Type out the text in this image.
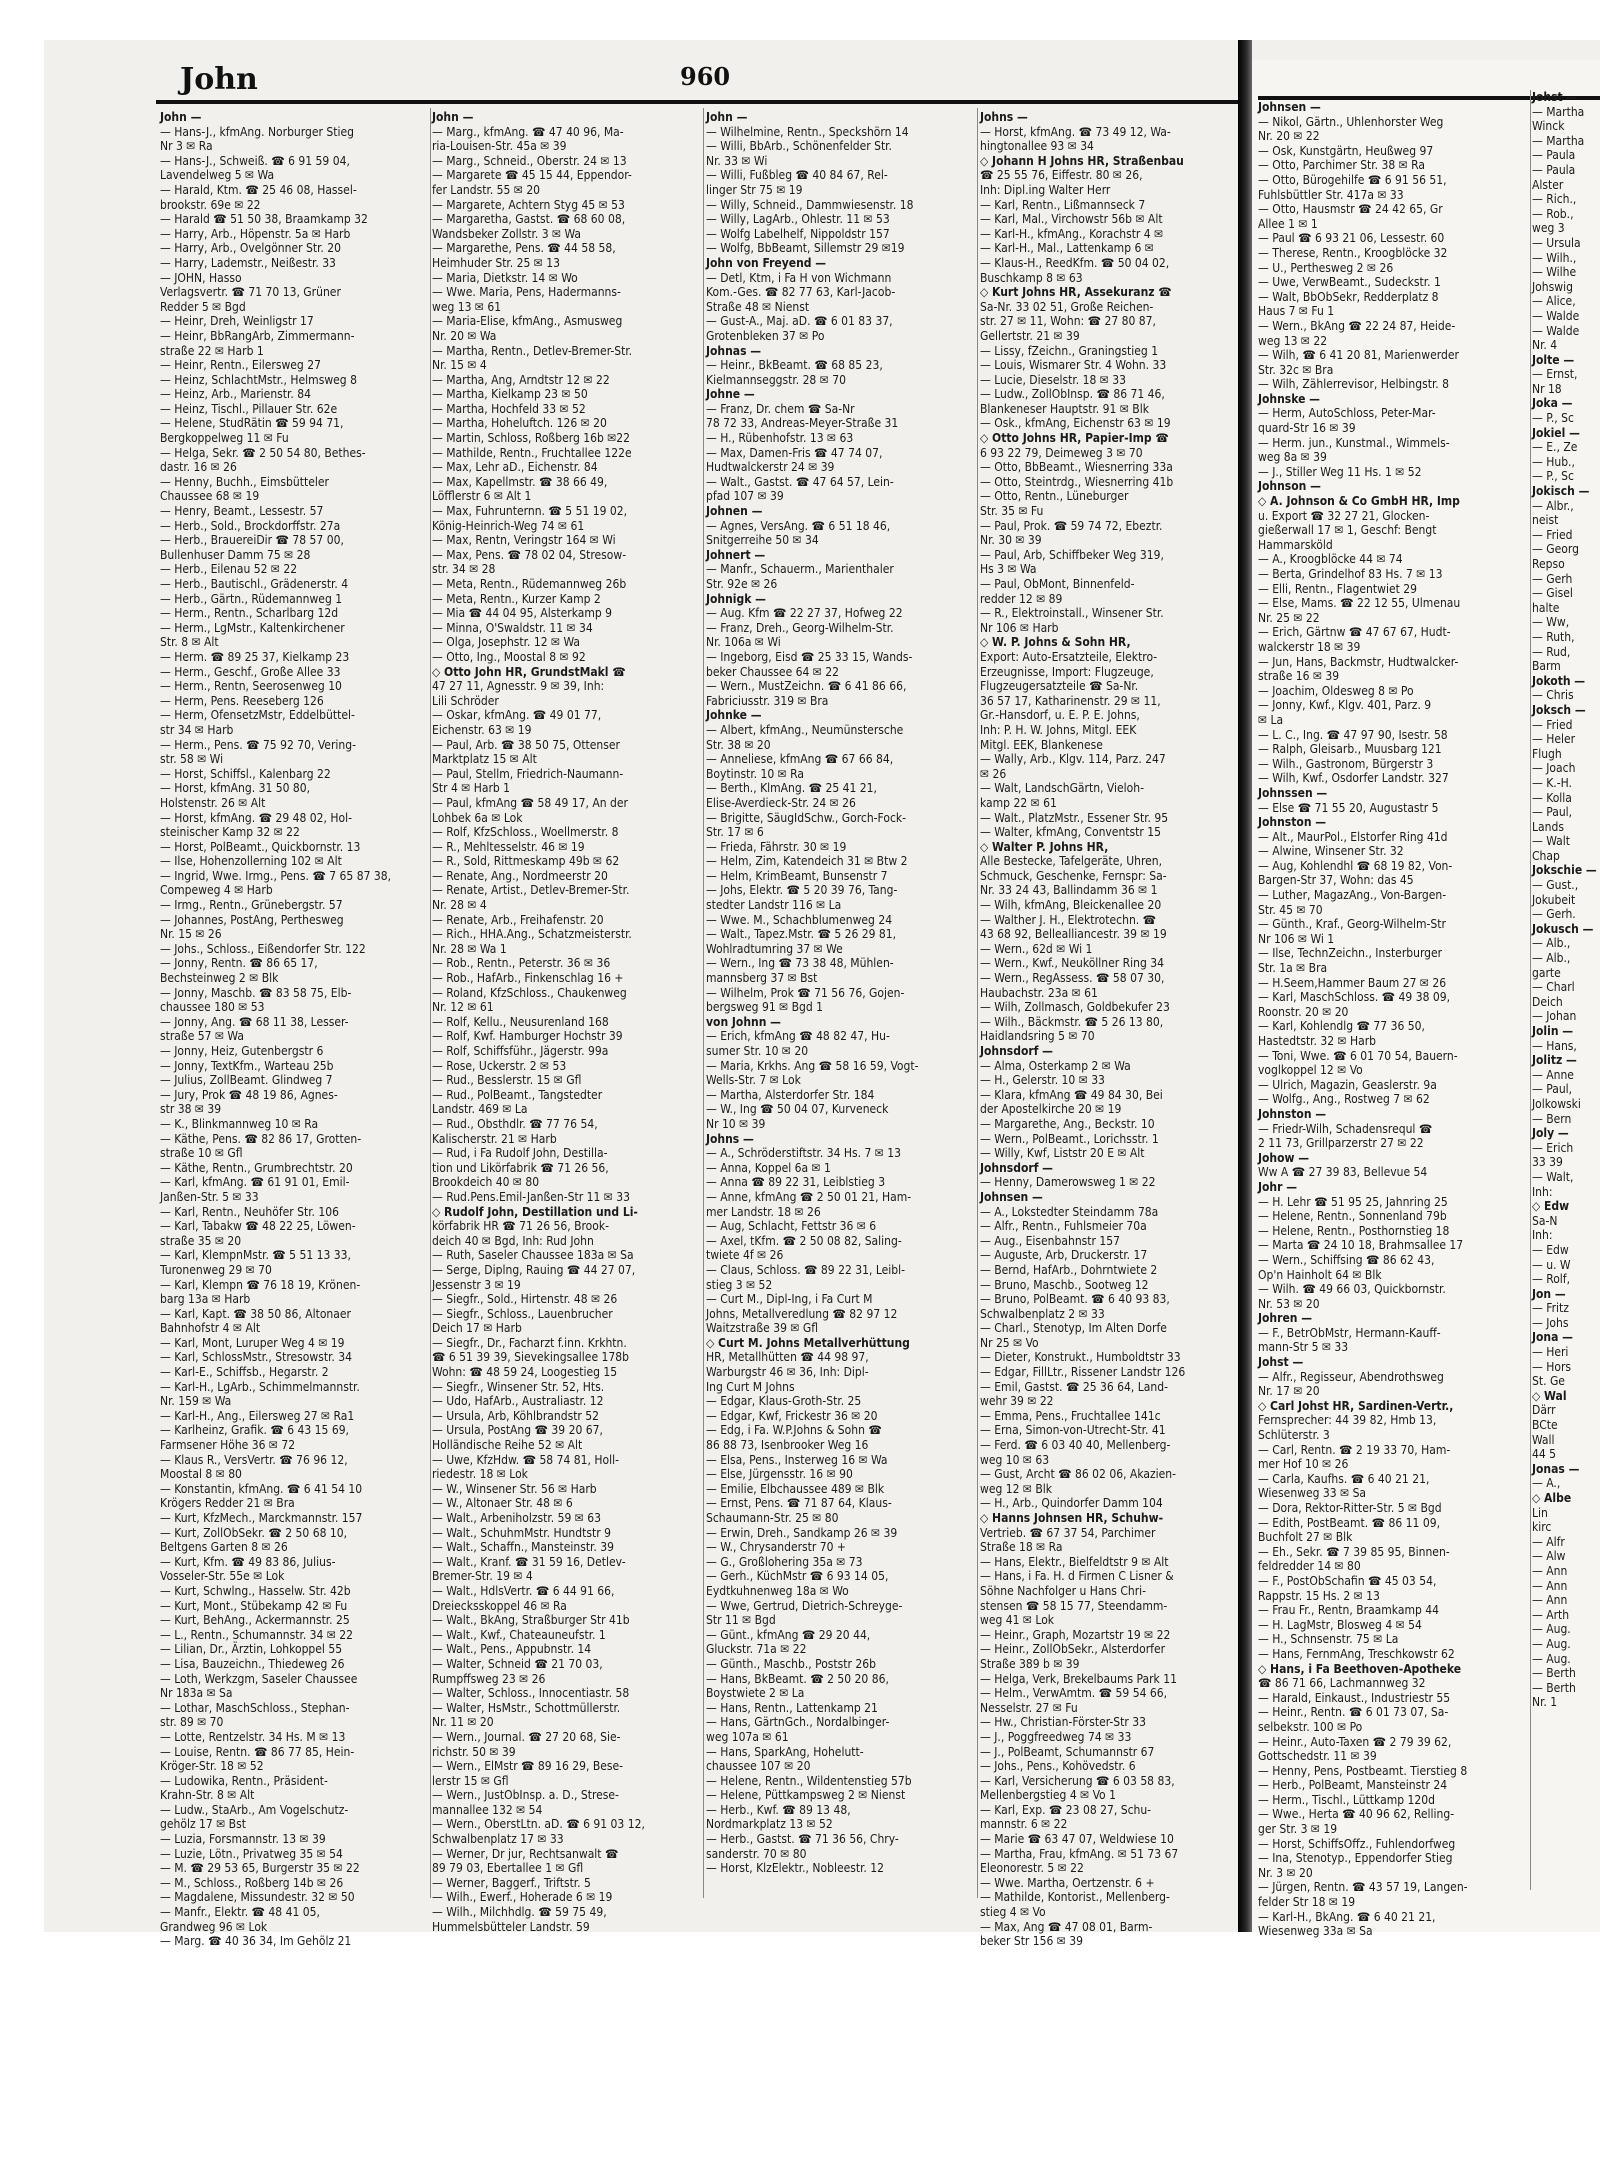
John	960
John —
— Hans-J., kfmAng. Norburger Stieg
Nr 3 ✉ Ra
— Hans-J., Schweiß. ☎ 6 91 59 04,
Lavendelweg 5 ✉ Wa
— Harald, Ktm. ☎ 25 46 08, Hassel-
brookstr. 69e ✉ 22
— Harald ☎ 51 50 38, Braamkamp 32
— Harry, Arb., Höpenstr. 5a ✉ Harb
— Harry, Arb., Ovelgönner Str. 20
— Harry, Lademstr., Neißestr. 33
— JOHN, Hasso
Verlagsvertr. ☎ 71 70 13, Grüner
Redder 5 ✉ Bgd
— Heinr, Dreh, Weinligstr 17
— Heinr, BbRangArb, Zimmermann-
straße 22 ✉ Harb 1
— Heinr, Rentn., Eilersweg 27
— Heinz, SchlachtMstr., Helmsweg 8
— Heinz, Arb., Marienstr. 84
— Heinz, Tischl., Pillauer Str. 62e
— Helene, StudRätin ☎ 59 94 71,
Bergkoppelweg 11 ✉ Fu
— Helga, Sekr. ☎ 2 50 54 80, Bethes-
dastr. 16 ✉ 26
— Henny, Buchh., Eimsbütteler
Chaussee 68 ✉ 19
— Henry, Beamt., Lessestr. 57
— Herb., Sold., Brockdorffstr. 27a
— Herb., BrauereiDir ☎ 78 57 00,
Bullenhuser Damm 75 ✉ 28
— Herb., Eilenau 52 ✉ 22
— Herb., Bautischl., Grädenerstr. 4
— Herb., Gärtn., Rüdemannweg 1
— Herm., Rentn., Scharlbarg 12d
— Herm., LgMstr., Kaltenkirchener
Str. 8 ✉ Alt
— Herm. ☎ 89 25 37, Kielkamp 23
— Herm., Geschf., Große Allee 33
— Herm., Rentn, Seerosenweg 10
— Herm, Pens. Reeseberg 126
— Herm, OfensetzMstr, Eddelbüttel-
str 34 ✉ Harb
— Herm., Pens. ☎ 75 92 70, Vering-
str. 58 ✉ Wi
— Horst, Schiffsl., Kalenbarg 22
— Horst, kfmAng. 31 50 80,
Holstenstr. 26 ✉ Alt
— Horst, kfmAng. ☎ 29 48 02, Hol-
steinischer Kamp 32 ✉ 22
— Horst, PolBeamt., Quickbornstr. 13
— Ilse, Hohenzollerning 102 ✉ Alt
— Ingrid, Wwe. Irmg., Pens. ☎ 7 65 87 38,
Compeweg 4 ✉ Harb
— Irmg., Rentn., Grünebergstr. 57
— Johannes, PostAng, Perthesweg
Nr. 15 ✉ 26
— Johs., Schloss., Eißendorfer Str. 122
— Jonny, Rentn. ☎ 86 65 17,
Bechsteinweg 2 ✉ Blk
— Jonny, Maschb. ☎ 83 58 75, Elb-
chaussee 180 ✉ 53
— Jonny, Ang. ☎ 68 11 38, Lesser-
straße 57 ✉ Wa
— Jonny, Heiz, Gutenbergstr 6
— Jonny, TextKfm., Warteau 25b
— Julius, ZollBeamt. Glindweg 7
— Jury, Prok ☎ 48 19 86, Agnes-
str 38 ✉ 39
— K., Blinkmannweg 10 ✉ Ra
— Käthe, Pens. ☎ 82 86 17, Grotten-
straße 10 ✉ Gfl
— Käthe, Rentn., Grumbrechtstr. 20
— Karl, kfmAng. ☎ 61 91 01, Emil-
Janßen-Str. 5 ✉ 33
— Karl, Rentn., Neuhöfer Str. 106
— Karl, Tabakw ☎ 48 22 25, Löwen-
straße 35 ✉ 20
— Karl, KlempnMstr. ☎ 5 51 13 33,
Turonenweg 29 ✉ 70
— Karl, Klempn ☎ 76 18 19, Krönen-
barg 13a ✉ Harb
— Karl, Kapt. ☎ 38 50 86, Altonaer
Bahnhofstr 4 ✉ Alt
— Karl, Mont, Luruper Weg 4 ✉ 19
— Karl, SchlossMstr., Stresowstr. 34
— Karl-E., Schiffsb., Hegarstr. 2
— Karl-H., LgArb., Schimmelmannstr.
Nr. 159 ✉ Wa
— Karl-H., Ang., Eilersweg 27 ✉ Ra1
— Karlheinz, Grafik. ☎ 6 43 15 69,
Farmsener Höhe 36 ✉ 72
— Klaus R., VersVertr. ☎ 76 96 12,
Moostal 8 ✉ 80
— Konstantin, kfmAng. ☎ 6 41 54 10
Krögers Redder 21 ✉ Bra
— Kurt, KfzMech., Marckmannstr. 157
— Kurt, ZollObSekr. ☎ 2 50 68 10,
Beltgens Garten 8 ✉ 26
— Kurt, Kfm. ☎ 49 83 86, Julius-
Vosseler-Str. 55e ✉ Lok
— Kurt, Schwlng., Hasselw. Str. 42b
— Kurt, Mont., Stübekamp 42 ✉ Fu
— Kurt, BehAng., Ackermannstr. 25
— L., Rentn., Schumannstr. 34 ✉ 22
— Lilian, Dr., Ärztin, Lohkoppel 55
— Lisa, Bauzeichn., Thiedeweg 26
— Loth, Werkzgm, Saseler Chaussee
Nr 183a ✉ Sa
— Lothar, MaschSchloss., Stephan-
str. 89 ✉ 70
— Lotte, Rentzelstr. 34 Hs. M ✉ 13
— Louise, Rentn. ☎ 86 77 85, Hein-
Kröger-Str. 18 ✉ 52
— Ludowika, Rentn., Präsident-
Krahn-Str. 8 ✉ Alt
— Ludw., StaArb., Am Vogelschutz-
gehölz 17 ✉ Bst
— Luzia, Forsmannstr. 13 ✉ 39
— Luzie, Lötn., Privatweg 35 ✉ 54
— M. ☎ 29 53 65, Burgerstr 35 ✉ 22
— M., Schloss., Roßberg 14b ✉ 26
— Magdalene, Missundestr. 32 ✉ 50
— Manfr., Elektr. ☎ 48 41 05,
Grandweg 96 ✉ Lok
— Marg. ☎ 40 36 34, Im Gehölz 21
John —
— Marg., kfmAng. ☎ 47 40 96, Ma-
ria-Louisen-Str. 45a ✉ 39
— Marg., Schneid., Oberstr. 24 ✉ 13
— Margarete ☎ 45 15 44, Eppendor-
fer Landstr. 55 ✉ 20
— Margarete, Achtern Styg 45 ✉ 53
— Margaretha, Gastst. ☎ 68 60 08,
Wandsbeker Zollstr. 3 ✉ Wa
— Margarethe, Pens. ☎ 44 58 58,
Heimhuder Str. 25 ✉ 13
— Maria, Dietkstr. 14 ✉ Wo
— Wwe. Maria, Pens, Hadermanns-
weg 13 ✉ 61
— Maria-Elise, kfmAng., Asmusweg
Nr. 20 ✉ Wa
— Martha, Rentn., Detlev-Bremer-Str.
Nr. 15 ✉ 4
— Martha, Ang, Arndtstr 12 ✉ 22
— Martha, Kielkamp 23 ✉ 50
— Martha, Hochfeld 33 ✉ 52
— Martha, Hoheluftch. 126 ✉ 20
— Martin, Schloss, Roßberg 16b ✉22
— Mathilde, Rentn., Fruchtallee 122e
— Max, Lehr aD., Eichenstr. 84
— Max, Kapellmstr. ☎ 38 66 49,
Löfflerstr 6 ✉ Alt 1
— Max, Fuhrunternn. ☎ 5 51 19 02,
König-Heinrich-Weg 74 ✉ 61
— Max, Rentn, Veringstr 164 ✉ Wi
— Max, Pens. ☎ 78 02 04, Stresow-
str. 34 ✉ 28
— Meta, Rentn., Rüdemannweg 26b
— Meta, Rentn., Kurzer Kamp 2
— Mia ☎ 44 04 95, Alsterkamp 9
— Minna, O'Swaldstr. 11 ✉ 34
— Olga, Josephstr. 12 ✉ Wa
— Otto, Ing., Moostal 8 ✉ 92
◇ Otto John HR, GrundstMakl ☎
47 27 11, Agnesstr. 9 ✉ 39, Inh:
Lili Schröder
— Oskar, kfmAng. ☎ 49 01 77,
Eichenstr. 63 ✉ 19
— Paul, Arb. ☎ 38 50 75, Ottenser
Marktplatz 15 ✉ Alt
— Paul, Stellm, Friedrich-Naumann-
Str 4 ✉ Harb 1
— Paul, kfmAng ☎ 58 49 17, An der
Lohbek 6a ✉ Lok
— Rolf, KfzSchloss., Woellmerstr. 8
— R., Mehltesselstr. 46 ✉ 19
— R., Sold, Rittmeskamp 49b ✉ 62
— Renate, Ang., Nordmeerstr 20
— Renate, Artist., Detlev-Bremer-Str.
Nr. 28 ✉ 4
— Renate, Arb., Freihafenstr. 20
— Rich., HHA.Ang., Schatzmeisterstr.
Nr. 28 ✉ Wa 1
— Rob., Rentn., Peterstr. 36 ✉ 36
— Rob., HafArb., Finkenschlag 16 +
— Roland, KfzSchloss., Chaukenweg
Nr. 12 ✉ 61
— Rolf, Kellu., Neusurenland 168
— Rolf, Kwf. Hamburger Hochstr 39
— Rolf, Schiffsführ., Jägerstr. 99a
— Rose, Uckerstr. 2 ✉ 53
— Rud., Besslerstr. 15 ✉ Gfl
— Rud., PolBeamt., Tangstedter
Landstr. 469 ✉ La
— Rud., Obsthdlr. ☎ 77 76 54,
Kalischerstr. 21 ✉ Harb
— Rud, i Fa Rudolf John, Destilla-
tion und Likörfabrik ☎ 71 26 56,
Brookdeich 40 ✉ 80
— Rud.Pens.Emil-Janßen-Str 11 ✉ 33
◇ Rudolf John, Destillation und Li-
körfabrik HR ☎ 71 26 56, Brook-
deich 40 ✉ Bgd, Inh: Rud John
— Ruth, Saseler Chaussee 183a ✉ Sa
— Serge, Diplng, Rauing ☎ 44 27 07,
Jessenstr 3 ✉ 19
— Siegfr., Sold., Hirtenstr. 48 ✉ 26
— Siegfr., Schloss., Lauenbrucher
Deich 17 ✉ Harb
— Siegfr., Dr., Facharzt f.inn. Krkhtn.
☎ 6 51 39 39, Sievekingsallee 178b
Wohn: ☎ 48 59 24, Loogestieg 15
— Siegfr., Winsener Str. 52, Hts.
— Udo, HafArb., Australiastr. 12
— Ursula, Arb, Köhlbrandstr 52
— Ursula, PostAng ☎ 39 20 67,
Holländische Reihe 52 ✉ Alt
— Uwe, KfzHdw. ☎ 58 74 81, Holl-
riedestr. 18 ✉ Lok
— W., Winsener Str. 56 ✉ Harb
— W., Altonaer Str. 48 ✉ 6
— Walt., Arbeniholzstr. 59 ✉ 63
— Walt., SchuhmMstr. Hundtstr 9
— Walt., Schaffn., Mansteinstr. 39
— Walt., Kranf. ☎ 31 59 16, Detlev-
Bremer-Str. 19 ✉ 4
— Walt., HdlsVertr. ☎ 6 44 91 66,
Dreiecksskoppel 46 ✉ Ra
— Walt., BkAng, Straßburger Str 41b
— Walt., Kwf., Chateauneufstr. 1
— Walt., Pens., Appubnstr. 14
— Walter, Schneid ☎ 21 70 03,
Rumpffsweg 23 ✉ 26
— Walter, Schloss., Innocentiastr. 58
— Walter, HsMstr., Schottmüllerstr.
Nr. 11 ✉ 20
— Wern., Journal. ☎ 27 20 68, Sie-
richstr. 50 ✉ 39
— Wern., ElMstr ☎ 89 16 29, Bese-
lerstr 15 ✉ Gfl
— Wern., JustObInsp. a. D., Strese-
mannallee 132 ✉ 54
— Wern., OberstLtn. aD. ☎ 6 91 03 12,
Schwalbenplatz 17 ✉ 33
— Werner, Dr jur, Rechtsanwalt ☎
89 79 03, Ebertallee 1 ✉ Gfl
— Werner, Baggerf., Triftstr. 5
— Wilh., Ewerf., Hoherade 6 ✉ 19
— Wilh., Milchhdlg. ☎ 59 75 49,
Hummelsbütteler Landstr. 59
John —
— Wilhelmine, Rentn., Speckshörn 14
— Willi, BbArb., Schönenfelder Str.
Nr. 33 ✉ Wi
— Willi, Fußbleg ☎ 40 84 67, Rel-
linger Str 75 ✉ 19
— Willy, Schneid., Dammwiesenstr. 18
— Willy, LagArb., Ohlestr. 11 ✉ 53
— Wolfg Labelhelf, Nippoldstr 157
— Wolfg, BbBeamt, Sillemstr 29 ✉19
John von Freyend —
— Detl, Ktm, i Fa H von Wichmann
Kom.-Ges. ☎ 82 77 63, Karl-Jacob-
Straße 48 ✉ Nienst
— Gust-A., Maj. aD. ☎ 6 01 83 37,
Grotenbleken 37 ✉ Po
Johnas —
— Heinr., BkBeamt. ☎ 68 85 23,
Kielmannseggstr. 28 ✉ 70
Johne —
— Franz, Dr. chem ☎ Sa-Nr
78 72 33, Andreas-Meyer-Straße 31
— H., Rübenhofstr. 13 ✉ 63
— Max, Damen-Fris ☎ 47 74 07,
Hudtwalckerstr 24 ✉ 39
— Walt., Gastst. ☎ 47 64 57, Lein-
pfad 107 ✉ 39
Johnen —
— Agnes, VersAng. ☎ 6 51 18 46,
Snitgerreihe 50 ✉ 34
Johnert —
— Manfr., Schauerm., Marienthaler
Str. 92e ✉ 26
Johnigk —
— Aug. Kfm ☎ 22 27 37, Hofweg 22
— Franz, Dreh., Georg-Wilhelm-Str.
Nr. 106a ✉ Wi
— Ingeborg, Eisd ☎ 25 33 15, Wands-
beker Chaussee 64 ✉ 22
— Wern., MustZeichn. ☎ 6 41 86 66,
Fabriciusstr. 319 ✉ Bra
Johnke —
— Albert, kfmAng., Neumünstersche
Str. 38 ✉ 20
— Anneliese, kfmAng ☎ 67 66 84,
Boytinstr. 10 ✉ Ra
— Berth., KlmAng. ☎ 25 41 21,
Elise-Averdieck-Str. 24 ✉ 26
— Brigitte, SäugIdSchw., Gorch-Fock-
Str. 17 ✉ 6
— Frieda, Fährstr. 30 ✉ 19
— Helm, Zim, Katendeich 31 ✉ Btw 2
— Helm, KrimBeamt, Bunsenstr 7
— Johs, Elektr. ☎ 5 20 39 76, Tang-
stedter Landstr 116 ✉ La
— Wwe. M., Schachblumenweg 24
— Walt., Tapez.Mstr. ☎ 5 26 29 81,
Wohlradtumring 37 ✉ We
— Wern., Ing ☎ 73 38 48, Mühlen-
mannsberg 37 ✉ Bst
— Wilhelm, Prok ☎ 71 56 76, Gojen-
bergsweg 91 ✉ Bgd 1
von Johnn —
— Erich, kfmAng ☎ 48 82 47, Hu-
sumer Str. 10 ✉ 20
— Maria, Krkhs. Ang ☎ 58 16 59, Vogt-
Wells-Str. 7 ✉ Lok
— Martha, Alsterdorfer Str. 184
— W., Ing ☎ 50 04 07, Kurveneck
Nr 10 ✉ 39
Johns —
— A., Schröderstiftstr. 34 Hs. 7 ✉ 13
— Anna, Koppel 6a ✉ 1
— Anna ☎ 89 22 31, Leiblstieg 3
— Anne, kfmAng ☎ 2 50 01 21, Ham-
mer Landstr. 18 ✉ 26
— Aug, Schlacht, Fettstr 36 ✉ 6
— Axel, tKfm. ☎ 2 50 08 82, Saling-
twiete 4f ✉ 26
— Claus, Schloss. ☎ 89 22 31, Leibl-
stieg 3 ✉ 52
— Curt M., Dipl-Ing, i Fa Curt M
Johns, Metallveredlung ☎ 82 97 12
Waitzstraße 39 ✉ Gfl
◇ Curt M. Johns Metallverhüttung
HR, Metallhütten ☎ 44 98 97,
Warburgstr 46 ✉ 36, Inh: Dipl-
Ing Curt M Johns
— Edgar, Klaus-Groth-Str. 25
— Edgar, Kwf, Frickestr 36 ✉ 20
— Edg, i Fa. W.P.Johns & Sohn ☎
86 88 73, Isenbrooker Weg 16
— Elsa, Pens., Insterweg 16 ✉ Wa
— Else, Jürgensstr. 16 ✉ 90
— Emilie, Elbchaussee 489 ✉ Blk
— Ernst, Pens. ☎ 71 87 64, Klaus-
Schaumann-Str. 25 ✉ 80
— Erwin, Dreh., Sandkamp 26 ✉ 39
— W., Chrysanderstr 70 +
— G., Großlohering 35a ✉ 73
— Gerh., KüchMstr ☎ 6 93 14 05,
Eydtkuhnenweg 18a ✉ Wo
— Wwe, Gertrud, Dietrich-Schreyge-
Str 11 ✉ Bgd
— Günt., kfmAng ☎ 29 20 44,
Gluckstr. 71a ✉ 22
— Günth., Maschb., Poststr 26b
— Hans, BkBeamt. ☎ 2 50 20 86,
Boystwiete 2 ✉ La
— Hans, Rentn., Lattenkamp 21
— Hans, GärtnGch., Nordalbinger-
weg 107a ✉ 61
— Hans, SparkAng, Hohelutt-
chaussee 107 ✉ 20
— Helene, Rentn., Wildentenstieg 57b
— Helene, Püttkampsweg 2 ✉ Nienst
— Herb., Kwf. ☎ 89 13 48,
Nordmarkplatz 13 ✉ 52
— Herb., Gastst. ☎ 71 36 56, Chry-
sanderstr. 70 ✉ 80
— Horst, KlzElektr., Nobleestr. 12
Johns —
— Horst, kfmAng. ☎ 73 49 12, Wa-
hingtonallee 93 ✉ 34
◇ Johann H Johns HR, Straßenbau
☎ 25 55 76, Eiffestr. 80 ✉ 26,
Inh: Dipl.ing Walter Herr
— Karl, Rentn., Lißmannseck 7
— Karl, Mal., Virchowstr 56b ✉ Alt
— Karl-H., kfmAng., Korachstr 4 ✉
— Karl-H., Mal., Lattenkamp 6 ✉
— Klaus-H., ReedKfm. ☎ 50 04 02,
Buschkamp 8 ✉ 63
◇ Kurt Johns HR, Assekuranz ☎
Sa-Nr. 33 02 51, Große Reichen-
str. 27 ✉ 11, Wohn: ☎ 27 80 87,
Gellertstr. 21 ✉ 39
— Lissy, fZeichn., Graningstieg 1
— Louis, Wismarer Str. 4 Wohn. 33
— Lucie, Dieselstr. 18 ✉ 33
— Ludw., ZollObInsp. ☎ 86 71 46,
Blankeneser Hauptstr. 91 ✉ Blk
— Osk., kfmAng, Eichenstr 63 ✉ 19
◇ Otto Johns HR, Papier-Imp ☎
6 93 22 79, Deimeweg 3 ✉ 70
— Otto, BbBeamt., Wiesnerring 33a
— Otto, Steintrdg., Wiesnerring 41b
— Otto, Rentn., Lüneburger
Str. 35 ✉ Fu
— Paul, Prok. ☎ 59 74 72, Ebeztr.
Nr. 30 ✉ 39
— Paul, Arb, Schiffbeker Weg 319,
Hs 3 ✉ Wa
— Paul, ObMont, Binnenfeld-
redder 12 ✉ 89
— R., Elektroinstall., Winsener Str.
Nr 106 ✉ Harb
◇ W. P. Johns & Sohn HR,
Export: Auto-Ersatzteile, Elektro-
Erzeugnisse, Import: Flugzeuge,
Flugzeugersatzteile ☎ Sa-Nr.
36 57 17, Katharinenstr. 29 ✉ 11,
Gr.-Hansdorf, u. E. P. E. Johns,
Inh: P. H. W. Johns, Mitgl. EEK
Mitgl. EEK, Blankenese
— Wally, Arb., Klgv. 114, Parz. 247
✉ 26
— Walt, LandschGärtn, Vieloh-
kamp 22 ✉ 61
— Walt., PlatzMstr., Essener Str. 95
— Walter, kfmAng, Conventstr 15
◇ Walter P. Johns HR,
Alle Bestecke, Tafelgeräte, Uhren,
Schmuck, Geschenke, Fernspr: Sa-
Nr. 33 24 43, Ballindamm 36 ✉ 1
— Wilh, kfmAng, Bleickenallee 20
— Walther J. H., Elektrotechn. ☎
43 68 92, Bellealliancestr. 39 ✉ 19
— Wern., 62d ✉ Wi 1
— Wern., Kwf., Neuköllner Ring 34
— Wern., RegAssess. ☎ 58 07 30,
Haubachstr. 23a ✉ 61
— Wilh, Zollmasch, Goldbekufer 23
— Wilh., Bäckmstr. ☎ 5 26 13 80,
Haidlandsring 5 ✉ 70
Johnsdorf —
— Alma, Osterkamp 2 ✉ Wa
— H., Gelerstr. 10 ✉ 33
— Klara, kfmAng ☎ 49 84 30, Bei
der Apostelkirche 20 ✉ 19
— Margarethe, Ang., Beckstr. 10
— Wern., PolBeamt., Lorichsstr. 1
— Willy, Kwf, Liststr 20 E ✉ Alt
Johnsdorf —
— Henny, Damerowsweg 1 ✉ 22
Johnsen —
— A., Lokstedter Steindamm 78a
— Alfr., Rentn., Fuhlsmeier 70a
— Aug., Eisenbahnstr 157
— Auguste, Arb, Druckerstr. 17
— Bernd, HafArb., Dohrntwiete 2
— Bruno, Maschb., Sootweg 12
— Bruno, PolBeamt. ☎ 6 40 93 83,
Schwalbenplatz 2 ✉ 33
— Charl., Stenotyp, Im Alten Dorfe
Nr 25 ✉ Vo
— Dieter, Konstrukt., Humboldtstr 33
— Edgar, FillLtr., Rissener Landstr 126
— Emil, Gastst. ☎ 25 36 64, Land-
wehr 39 ✉ 22
— Emma, Pens., Fruchtallee 141c
— Erna, Simon-von-Utrecht-Str. 41
— Ferd. ☎ 6 03 40 40, Mellenberg-
weg 10 ✉ 63
— Gust, Archt ☎ 86 02 06, Akazien-
weg 12 ✉ Blk
— H., Arb., Quindorfer Damm 104
◇ Hanns Johnsen HR, Schuhw-
Vertrieb. ☎ 67 37 54, Parchimer
Straße 18 ✉ Ra
— Hans, Elektr., Bielfeldtstr 9 ✉ Alt
— Hans, i Fa. H. d Firmen C Lisner &
Söhne Nachfolger u Hans Chri-
stensen ☎ 58 15 77, Steendamm-
weg 41 ✉ Lok
— Heinr., Graph, Mozartstr 19 ✉ 22
— Heinr., ZollObSekr., Alsterdorfer
Straße 389 b ✉ 39
— Helga, Verk, Brekelbaums Park 11
— Helm., VerwAmtm. ☎ 59 54 66,
Nesselstr. 27 ✉ Fu
— Hw., Christian-Förster-Str 33
— J., Poggfreedweg 74 ✉ 33
— J., PolBeamt, Schumannstr 67
— Johs., Pens., Kohövedstr. 6
— Karl, Versicherung ☎ 6 03 58 83,
Mellenbergstieg 4 ✉ Vo 1
— Karl, Exp. ☎ 23 08 27, Schu-
mannstr. 6 ✉ 22
— Marie ☎ 63 47 07, Weldwiese 10
— Martha, Frau, kfmAng. ✉ 51 73 67
Eleonorestr. 5 ✉ 22
— Wwe. Martha, Oertzenstr. 6 +
— Mathilde, Kontorist., Mellenberg-
stieg 4 ✉ Vo
— Max, Ang ☎ 47 08 01, Barm-
beker Str 156 ✉ 39
Johnsen —
— Nikol, Gärtn., Uhlenhorster Weg
Nr. 20 ✉ 22
— Osk, Kunstgärtn, Heußweg 97
— Otto, Parchimer Str. 38 ✉ Ra
— Otto, Bürogehilfe ☎ 6 91 56 51,
Fuhlsbüttler Str. 417a ✉ 33
— Otto, Hausmstr ☎ 24 42 65, Gr
Allee 1 ✉ 1
— Paul ☎ 6 93 21 06, Lessestr. 60
— Therese, Rentn., Kroogblöcke 32
— U., Perthesweg 2 ✉ 26
— Uwe, VerwBeamt., Sudeckstr. 1
— Walt, BbObSekr, Redderplatz 8
Haus 7 ✉ Fu 1
— Wern., BkAng ☎ 22 24 87, Heide-
weg 13 ✉ 22
— Wilh, ☎ 6 41 20 81, Marienwerder
Str. 32c ✉ Bra
— Wilh, Zählerrevisor, Helbingstr. 8
Johnske —
— Herm, AutoSchloss, Peter-Mar-
quard-Str 16 ✉ 39
— Herm. jun., Kunstmal., Wimmels-
weg 8a ✉ 39
— J., Stiller Weg 11 Hs. 1 ✉ 52
Johnson —
◇ A. Johnson & Co GmbH HR, Imp
u. Export ☎ 32 27 21, Glocken-
gießerwall 17 ✉ 1, Geschf: Bengt
Hammarsköld
— A., Kroogblöcke 44 ✉ 74
— Berta, Grindelhof 83 Hs. 7 ✉ 13
— Elli, Rentn., Flagentwiet 29
— Else, Mams. ☎ 22 12 55, Ulmenau
Nr. 25 ✉ 22
— Erich, Gärtnw ☎ 47 67 67, Hudt-
walckerstr 18 ✉ 39
— Jun, Hans, Backmstr, Hudtwalcker-
straße 16 ✉ 39
— Joachim, Oldesweg 8 ✉ Po
— Jonny, Kwf., Klgv. 401, Parz. 9
✉ La
— L. C., Ing. ☎ 47 97 90, Isestr. 58
— Ralph, Gleisarb., Muusbarg 121
— Wilh., Gastronom, Bürgerstr 3
— Wilh, Kwf., Osdorfer Landstr. 327
Johnssen —
— Else ☎ 71 55 20, Augustastr 5
Johnston —
— Alt., MaurPol., Elstorfer Ring 41d
— Alwine, Winsener Str. 32
— Aug, Kohlendhl ☎ 68 19 82, Von-
Bargen-Str 37, Wohn: das 45
— Luther, MagazAng., Von-Bargen-
Str. 45 ✉ 70
— Günth., Kraf., Georg-Wilhelm-Str
Nr 106 ✉ Wi 1
— Ilse, TechnZeichn., Insterburger
Str. 1a ✉ Bra
— H.Seem,Hammer Baum 27 ✉ 26
— Karl, MaschSchloss. ☎ 49 38 09,
Roonstr. 20 ✉ 20
— Karl, Kohlendlg ☎ 77 36 50,
Hastedtstr. 32 ✉ Harb
— Toni, Wwe. ☎ 6 01 70 54, Bauern-
voglkoppel 12 ✉ Vo
— Ulrich, Magazin, Geaslerstr. 9a
— Wolfg., Ang., Rostweg 7 ✉ 62
Johnston —
— Friedr-Wilh, Schadensrequl ☎
2 11 73, Grillparzerstr 27 ✉ 22
Johow —
Ww A ☎ 27 39 83, Bellevue 54
Johr —
— H. Lehr ☎ 51 95 25, Jahnring 25
— Helene, Rentn., Sonnenland 79b
— Helene, Rentn., Posthornstieg 18
— Marta ☎ 24 10 18, Brahmsallee 17
— Wern., Schiffsing ☎ 86 62 43,
Op'n Hainholt 64 ✉ Blk
— Wilh. ☎ 49 66 03, Quickbornstr.
Nr. 53 ✉ 20
Johren —
— F., BetrObMstr, Hermann-Kauff-
mann-Str 5 ✉ 33
Johst —
— Alfr., Regisseur, Abendrothsweg
Nr. 17 ✉ 20
◇ Carl Johst HR, Sardinen-Vertr.,
Fernsprecher: 44 39 82, Hmb 13,
Schlüterstr. 3
— Carl, Rentn. ☎ 2 19 33 70, Ham-
mer Hof 10 ✉ 26
— Carla, Kaufhs. ☎ 6 40 21 21,
Wiesenweg 33 ✉ Sa
— Dora, Rektor-Ritter-Str. 5 ✉ Bgd
— Edith, PostBeamt. ☎ 86 11 09,
Buchfolt 27 ✉ Blk
— Eh., Sekr. ☎ 7 39 85 95, Binnen-
feldredder 14 ✉ 80
— F., PostObSchafin ☎ 45 03 54,
Rappstr. 15 Hs. 2 ✉ 13
— Frau Fr., Rentn, Braamkamp 44
— H. LagMstr, Blosweg 4 ✉ 54
— H., Schnsenstr. 75 ✉ La
— Hans, FernmAng, Treschkowstr 62
◇ Hans, i Fa Beethoven-Apotheke
☎ 86 71 66, Lachmannweg 32
— Harald, Einkaust., Industriestr 55
— Heinr., Rentn. ☎ 6 01 73 07, Sa-
selbekstr. 100 ✉ Po
— Heinr., Auto-Taxen ☎ 2 79 39 62,
Gottschedstr. 11 ✉ 39
— Henny, Pens, Postbeamt. Tierstieg 8
— Herb., PolBeamt, Mansteinstr 24
— Herm., Tischl., Lüttkamp 120d
— Wwe., Herta ☎ 40 96 62, Relling-
ger Str. 3 ✉ 19
— Horst, SchiffsOffz., Fuhlendorfweg
— Ina, Stenotyp., Eppendorfer Stieg
Nr. 3 ✉ 20
— Jürgen, Rentn. ☎ 43 57 19, Langen-
felder Str 18 ✉ 19
— Karl-H., BkAng. ☎ 6 40 21 21,
Wiesenweg 33a ✉ Sa
Johst —
— Martha
Winck
— Martha
— Paula
— Paula
Alster
— Rich.,
— Rob.,
weg 3
— Ursula
— Wilh.,
— Wilhe
Johswig
— Alice,
— Walde
— Walde
Nr. 4
Jolte —
— Ernst,
Nr 18
Joka —
— P., Sc
Jokiel —
— E., Ze
— Hub.,
— P., Sc
Jokisch —
— Albr.,
neist
— Fried
— Georg
Repso
— Gerh
— Gisel
halte
— Ww,
— Ruth,
— Rud,
Barm
Jokoth —
— Chris
Joksch —
— Fried
— Heler
Flugh
— Joach
— K.-H.
— Kolla
— Paul,
Lands
— Walt
Chap
Jokschie —
— Gust.,
Jokubeit
— Gerh.
Jokusch —
— Alb.,
— Alb.,
garte
— Charl
Deich
— Johan
Jolin —
— Hans,
Jolitz —
— Anne
— Paul,
Jolkowski
— Bern
Joly —
— Erich
33 39
— Walt,
Inh:
◇ Edw
Sa-N
Inh:
— Edw
— u. W
— Rolf,
Jon —
— Fritz
— Johs
Jona —
— Heri
— Hors
St. Ge
◇ Wal
Därr
BCte
Wall
44 5
Jonas —
— A.,
◇ Albe
Lin
kirc
— Alfr
— Alw
— Ann
— Ann
— Ann
— Arth
— Aug.
— Aug.
— Aug.
— Berth
— Berth
Nr. 1
